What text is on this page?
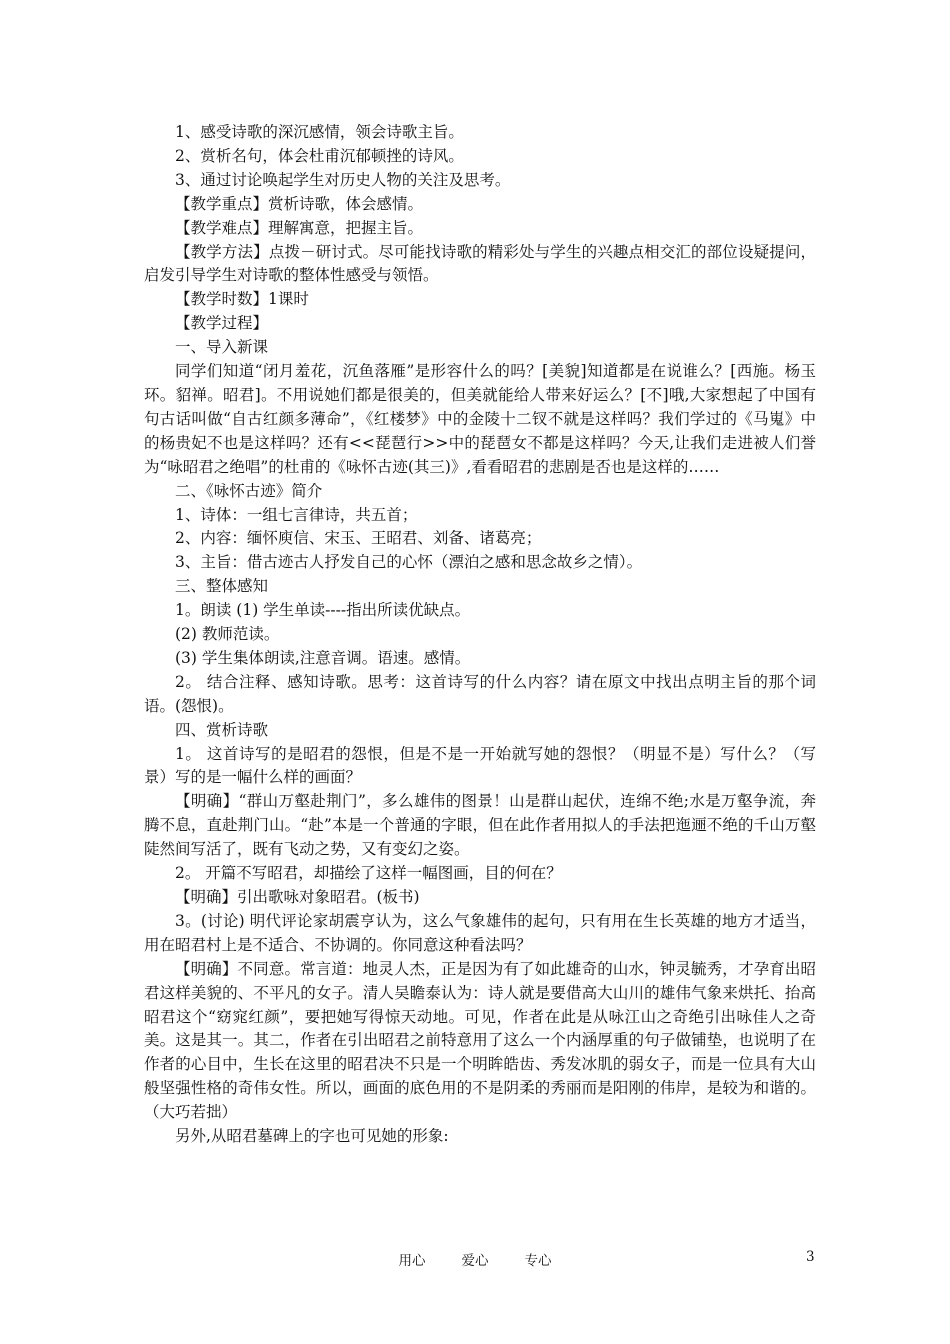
1、感受诗歌的深沉感情，领会诗歌主旨。

2、赏析名句，体会杜甫沉郁顿挫的诗风。

3、通过讨论唤起学生对历史人物的关注及思考。

【教学重点】赏析诗歌，体会感情。

【教学难点】理解寓意，把握主旨。

【教学方法】点拨－研讨式。尽可能找诗歌的精彩处与学生的兴趣点相交汇的部位设疑提问，启发引导学生对诗歌的整体性感受与领悟。

【教学时数】1课时

【教学过程】

一、导入新课

同学们知道“闭月羞花，沉鱼落雁”是形容什么的吗？[美貌]知道都是在说谁么？[西施。杨玉环。貂禅。昭君]。不用说她们都是很美的，但美就能给人带来好运么？[不]哦,大家想起了中国有句古话叫做“自古红颜多薄命”，《红楼梦》中的金陵十二钗不就是这样吗？我们学过的《马嵬》中的杨贵妃不也是这样吗？还有<<琵琶行>>中的琵琶女不都是这样吗？今天,让我们走进被人们誉为“咏昭君之绝唱”的杜甫的《咏怀古迹(其三)》,看看昭君的悲剧是否也是这样的……

二、《咏怀古迹》简介

1、诗体：一组七言律诗，共五首；

2、内容：缅怀庾信、宋玉、王昭君、刘备、诸葛亮；

3、主旨：借古迹古人抒发自己的心怀（漂泊之感和思念故乡之情）。

三、整体感知

1。朗读 (1) 学生单读----指出所读优缺点。

(2) 教师范读。

(3) 学生集体朗读,注意音调。语速。感情。

2。 结合注释、感知诗歌。思考：这首诗写的什么内容？请在原文中找出点明主旨的那个词语。(怨恨)。

四、赏析诗歌

1。 这首诗写的是昭君的怨恨，但是不是一开始就写她的怨恨？（明显不是）写什么？（写景）写的是一幅什么样的画面？

【明确】“群山万壑赴荆门”，多么雄伟的图景！山是群山起伏，连绵不绝;水是万壑争流，奔腾不息，直赴荆门山。“赴”本是一个普通的字眼，但在此作者用拟人的手法把迤逦不绝的千山万壑陡然间写活了，既有飞动之势，又有变幻之姿。

2。 开篇不写昭君，却描绘了这样一幅图画，目的何在？

【明确】引出歌咏对象昭君。(板书)

3。(讨论) 明代评论家胡震亨认为，这么气象雄伟的起句，只有用在生长英雄的地方才适当，用在昭君村上是不适合、不协调的。你同意这种看法吗？

【明确】不同意。常言道：地灵人杰，正是因为有了如此雄奇的山水，钟灵毓秀，才孕育出昭君这样美貌的、不平凡的女子。清人吴瞻泰认为：诗人就是要借高大山川的雄伟气象来烘托、抬高昭君这个“窈窕红颜”，要把她写得惊天动地。可见，作者在此是从咏江山之奇绝引出咏佳人之奇美。这是其一。其二，作者在引出昭君之前特意用了这么一个内涵厚重的句子做铺垫，也说明了在作者的心目中，生长在这里的昭君决不只是一个明眸皓齿、秀发冰肌的弱女子，而是一位具有大山般坚强性格的奇伟女性。所以，画面的底色用的不是阴柔的秀丽而是阳刚的伟岸，是较为和谐的。（大巧若拙）

另外,从昭君墓碑上的字也可见她的形象:

用心	爱心	专心	3
